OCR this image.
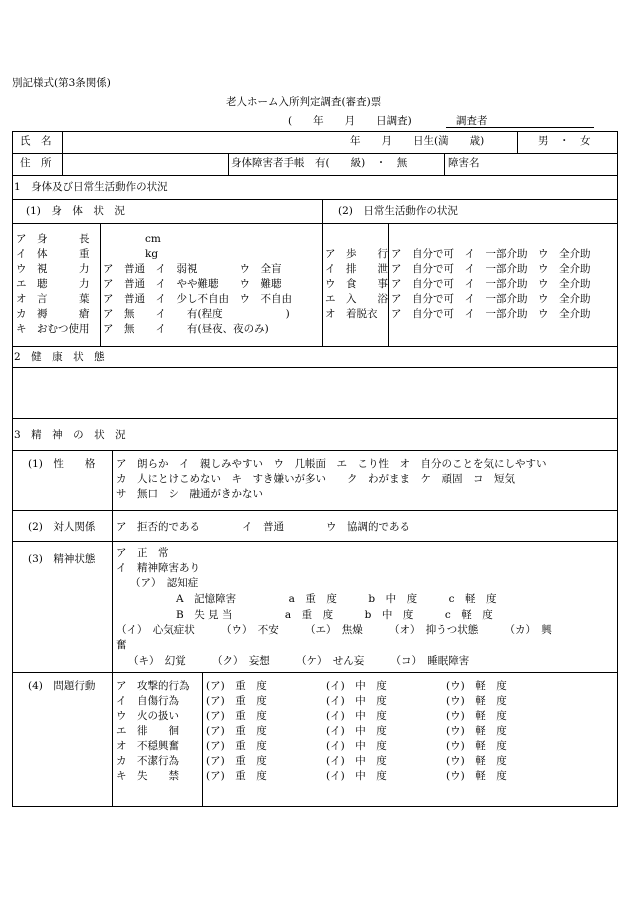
別記様式(第3条関係)
老人ホーム入所判定調査(審査)票
(　　年　　月　　日調査)	調査者
氏　名	年　　月　　日生(満　　歳)	男　・　女
住　所	身体障害者手帳　有(　　級)　・　無	障害名
1　身体及び日常生活動作の状況
(1)　身　体　状　況	(2)　日常生活動作の状況
ア　身　　　長 　　　　cm
イ　体　　　重 　　　　kg
ウ　視　　　力 ア　普通　イ　弱視　　　　ウ　全盲
エ　聴　　　力 ア　普通　イ　やや難聴　　ウ　難聴
オ　言　　　葉 ア　普通　イ　少し不自由　ウ　不自由
カ　褥　　　瘡 ア　無　　イ　　有(程度　　　　　　)
キ　おむつ使用 ア　無　　イ　　有(昼夜、夜のみ)
ア　歩　　行 ア　自分で可　イ　一部介助　ウ　全介助
イ　排　　泄 ア　自分で可　イ　一部介助　ウ　全介助
ウ　食　　事 ア　自分で可　イ　一部介助　ウ　全介助
エ　入　　浴 ア　自分で可　イ　一部介助　ウ　全介助
オ　着脱衣 ア　自分で可　イ　一部介助　ウ　全介助
2　健　康　状　態
3　精　神　の　状　況
(1)　性　　格 ア　朗らか　イ　親しみやすい　ウ　几帳面　エ　こり性　オ　自分のことを気にしやすい
カ　人にとけこめない　キ　すき嫌いが多い　　ク　わがまま　ケ　頑固　コ　短気
サ　無口　シ　融通がきかない
(2)　対人関係 ア　拒否的である　　　　イ　普通　　　　ウ　協調的である
(3)　精神状態 ア　正　常
イ　精神障害あり
（ア）　認知症
A　記憶障害　　　　　a　重　度　　　b　中　度　　　c　軽　度
B　失 見 当　　　　　a　重　度　　　b　中　度　　　c　軽　度
（イ）　心気症状　　　（ウ）　不安　　　（エ）　焦燥　　　（オ）　抑うつ状態　　　（カ）　興
奮
（キ）　幻覚　　　（ク）　妄想　　　（ケ）　せん妄　　　（コ）　睡眠障害
(4)　問題行動 ア　攻撃的行為 (ア)　重　度	(イ)　中　度	(ウ)　軽　度
イ　自傷行為	(ア)　重　度	(イ)　中　度	(ウ)　軽　度
ウ　火の扱い	(ア)　重　度	(イ)　中　度	(ウ)　軽　度
エ　徘　　徊	(ア)　重　度	(イ)　中　度	(ウ)　軽　度
オ　不穏興奮	(ア)　重　度	(イ)　中　度	(ウ)　軽　度
カ　不潔行為	(ア)　重　度	(イ)　中　度	(ウ)　軽　度
キ　失　　禁	(ア)　重　度	(イ)　中　度	(ウ)　軽　度
